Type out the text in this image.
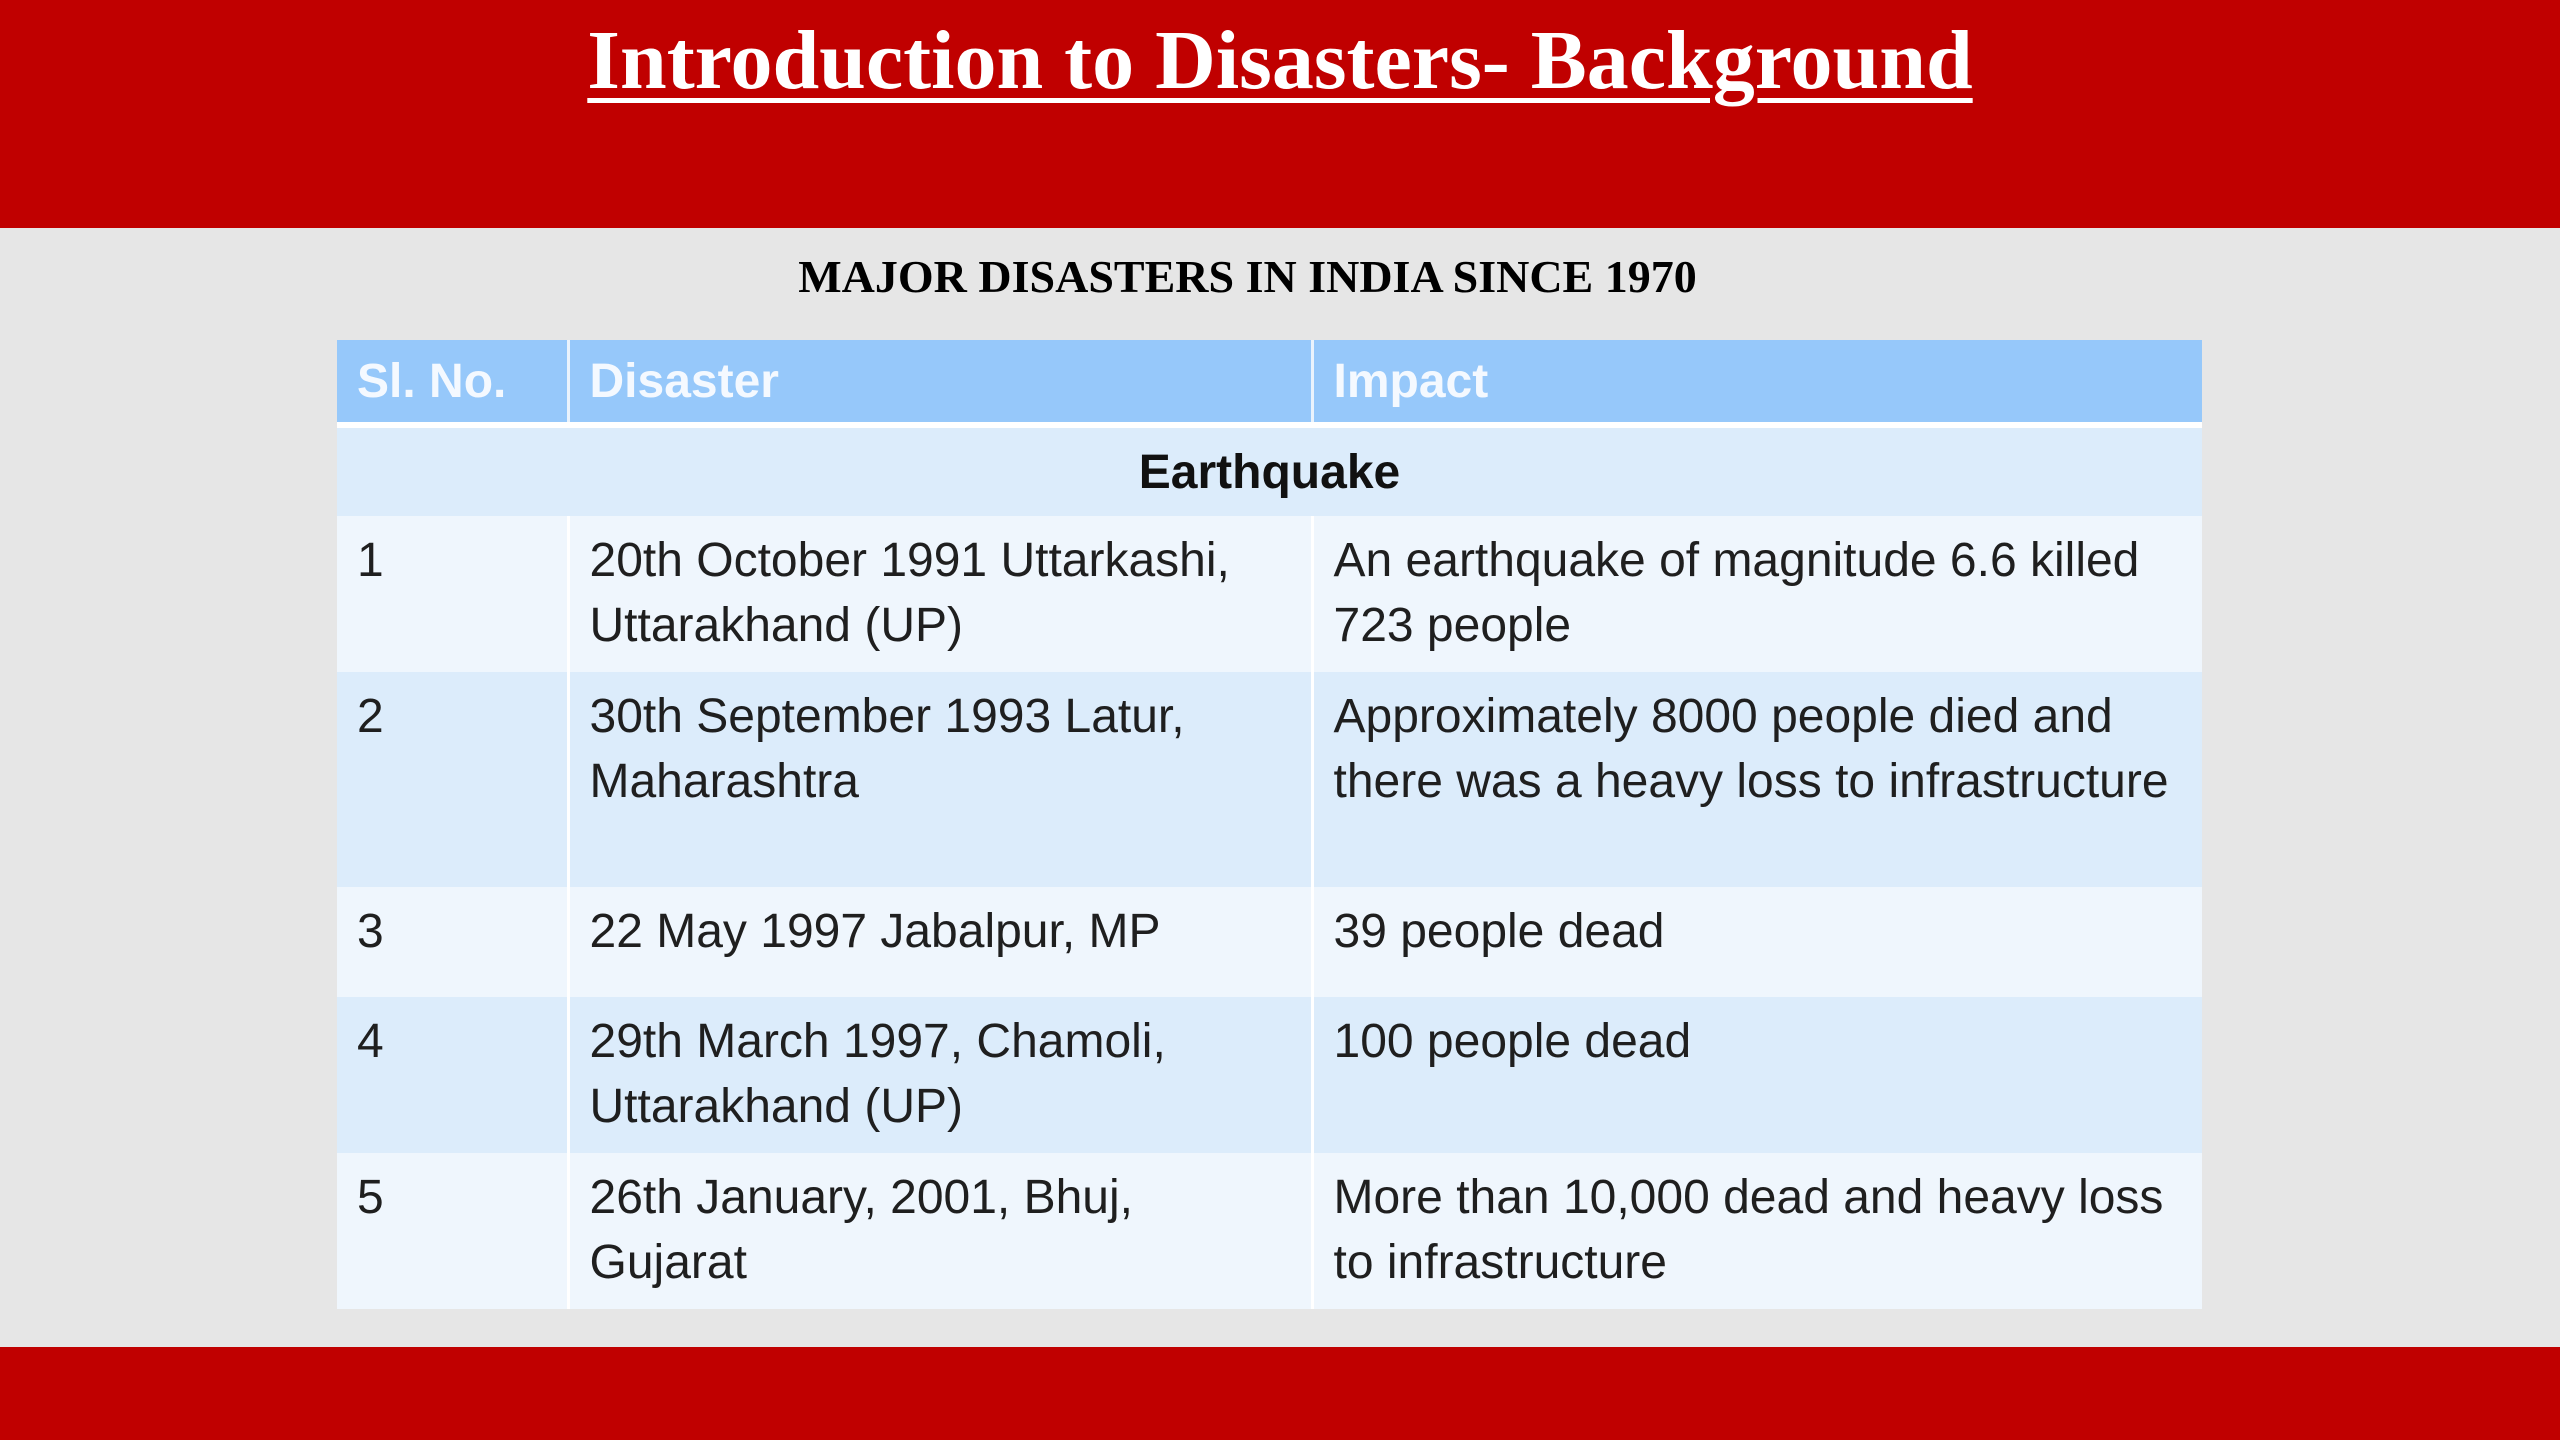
Introduction to Disasters- Background
MAJOR DISASTERS IN INDIA SINCE 1970
Sl. No.	Disaster	Impact
Earthquake		
1	20th October 1991 Uttarkashi, Uttarakhand (UP)	An earthquake of magnitude 6.6 killed 723 people
2	30th September 1993 Latur, Maharashtra	Approximately 8000 people died and there was a heavy loss to infrastructure
3	22 May 1997 Jabalpur, MP	39 people dead
4	29th March 1997, Chamoli, Uttarakhand (UP)	100 people dead
5	26th January, 2001, Bhuj, Gujarat	More than 10,000 dead and heavy loss to infrastructure
